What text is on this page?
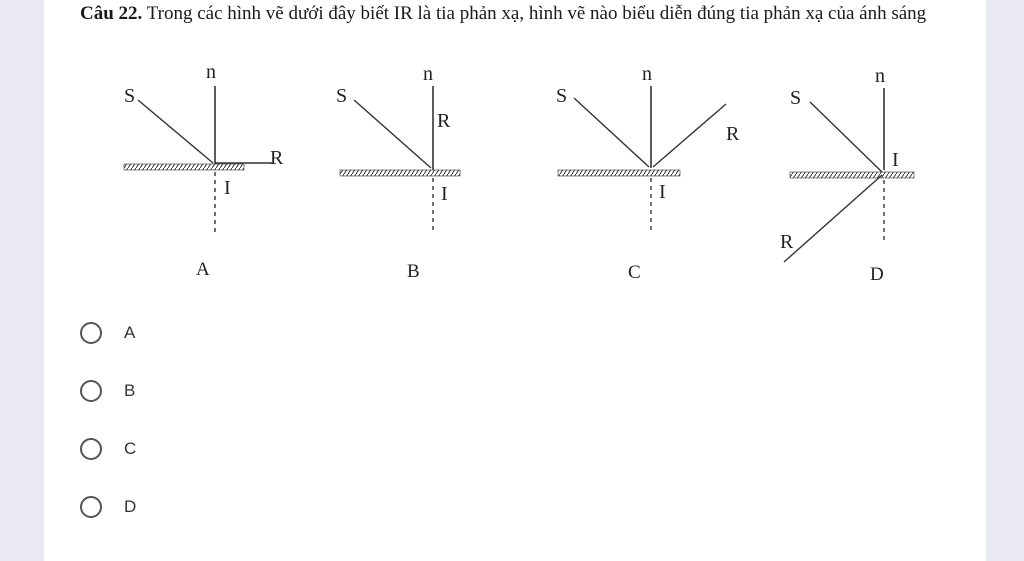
Câu 22. Trong các hình vẽ dưới đây biết IR là tia phản xạ, hình vẽ nào biểu diễn đúng tia phản xạ của ánh sáng
S
n
R
I
A
S
n
R
I
B
S
n
R
I
C
S
n
R
I
D
A
B
C
D
